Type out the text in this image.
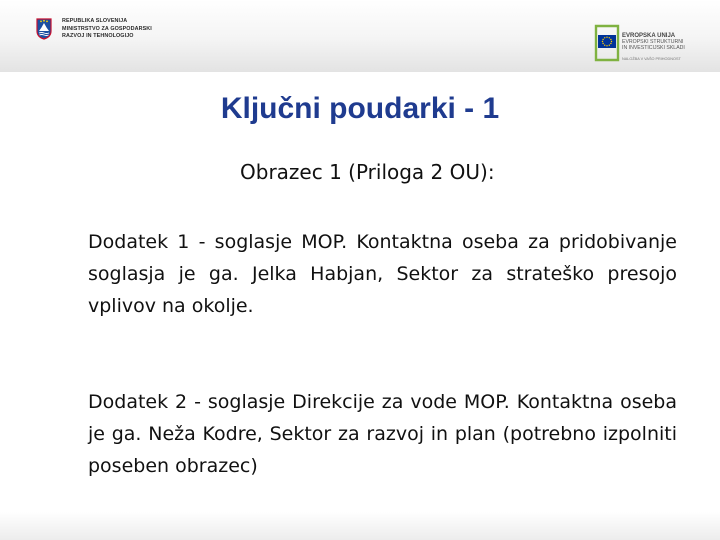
REPUBLIKA SLOVENIJA
MINISTRSTVO ZA GOSPODARSKI
RAZVOJ IN TEHNOLOGIJO	EVROPSKA UNIJA
EVROPSKI STRUKTURNI
IN INVESTICIJSKI SKLADI
NALOŽBA V VAŠO PRIHODNOST
Ključni poudarki - 1
Obrazec 1 (Priloga 2 OU):

Dodatek 1 - soglasje MOP. Kontaktna oseba za pridobivanje soglasja je ga. Jelka Habjan, Sektor za strateško presojo vplivov na okolje.

Dodatek 2 - soglasje Direkcije za vode MOP. Kontaktna oseba je ga. Neža Kodre, Sektor za razvoj in plan (potrebno izpolniti poseben obrazec)
